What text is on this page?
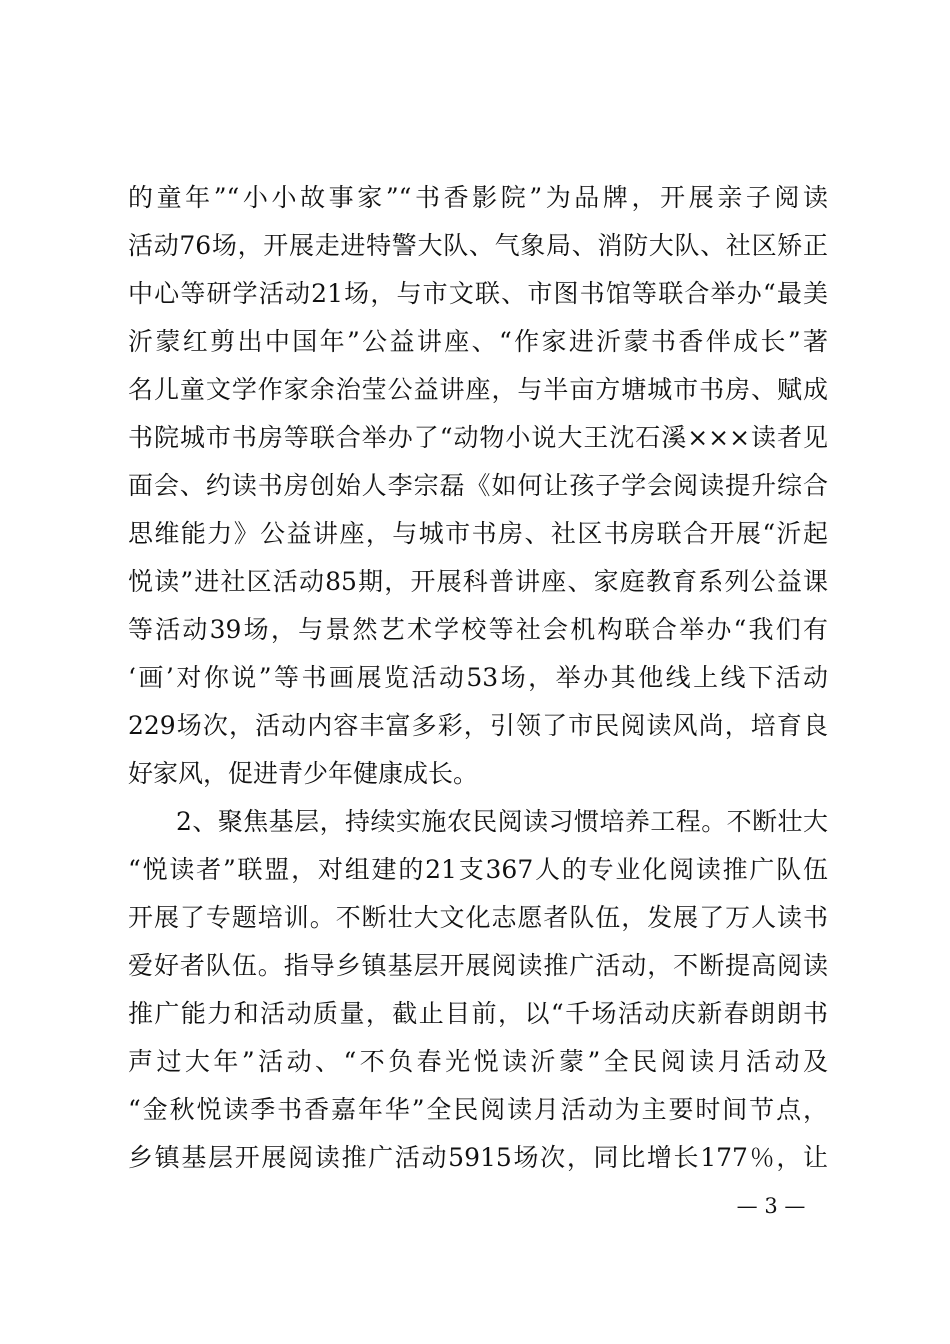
的童年”“小小故事家”“书香影院”为品牌，开展亲子阅读
活动76场，开展走进特警大队、气象局、消防大队、社区矫正
中心等研学活动21场，与市文联、市图书馆等联合举办“最美
沂蒙红剪出中国年”公益讲座、“作家进沂蒙书香伴成长”著
名儿童文学作家余治莹公益讲座，与半亩方塘城市书房、赋成
书院城市书房等联合举办了“动物小说大王沈石溪×××读者见
面会、约读书房创始人李宗磊《如何让孩子学会阅读提升综合
思维能力》公益讲座，与城市书房、社区书房联合开展“沂起
悦读”进社区活动85期，开展科普讲座、家庭教育系列公益课
等活动39场，与景然艺术学校等社会机构联合举办“我们有
‘画’对你说”等书画展览活动53场，举办其他线上线下活动
229场次，活动内容丰富多彩，引领了市民阅读风尚，培育良
好家风，促进青少年健康成长。
2、聚焦基层，持续实施农民阅读习惯培养工程。不断壮大
“悦读者”联盟，对组建的21支367人的专业化阅读推广队伍
开展了专题培训。不断壮大文化志愿者队伍，发展了万人读书
爱好者队伍。指导乡镇基层开展阅读推广活动，不断提高阅读
推广能力和活动质量，截止目前，以“千场活动庆新春朗朗书
声过大年”活动、“不负春光悦读沂蒙”全民阅读月活动及
“金秋悦读季书香嘉年华”全民阅读月活动为主要时间节点，
乡镇基层开展阅读推广活动5915场次，同比增长177％，让
— 3 —
